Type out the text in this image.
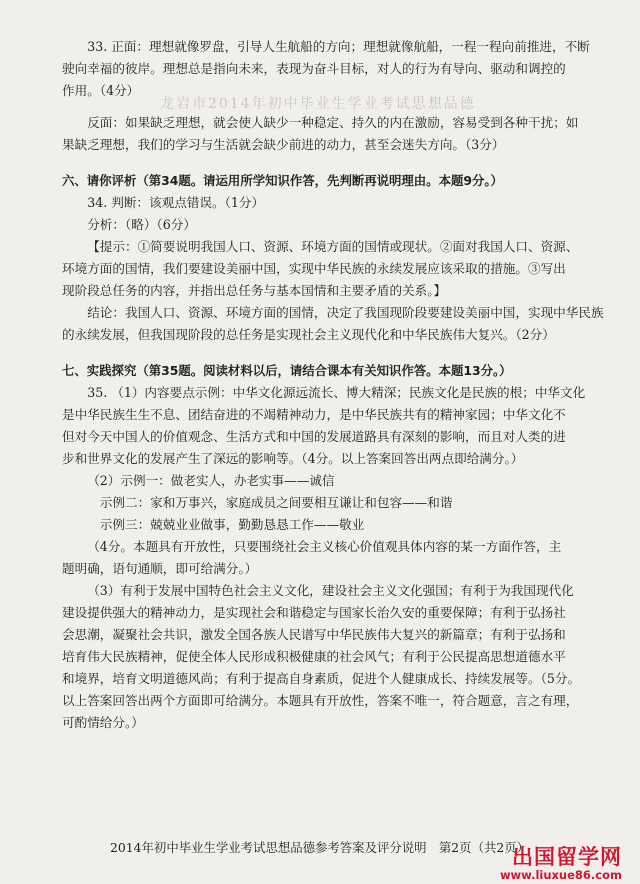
龙岩市2014年初中毕业生学业考试思想品德

33. 正面：理想就像罗盘，引导人生航船的方向；理想就像航船，一程一程向前推进，不断

驶向幸福的彼岸。理想总是指向未来，表现为奋斗目标，对人的行为有导向、驱动和调控的

作用。（4分）

反面：如果缺乏理想，就会使人缺少一种稳定、持久的内在激励，容易受到各种干扰；如

果缺乏理想，我们的学习与生活就会缺少前进的动力，甚至会迷失方向。（3分）

六、请你评析（第34题。请运用所学知识作答，先判断再说明理由。本题9分。）

34. 判断：该观点错误。（1分）

分析：（略）（6分）

【提示：①简要说明我国人口、资源、环境方面的国情或现状。②面对我国人口、资源、

环境方面的国情，我们要建设美丽中国，实现中华民族的永续发展应该采取的措施。③写出

现阶段总任务的内容，并指出总任务与基本国情和主要矛盾的关系。】

结论：我国人口、资源、环境方面的国情，决定了我国现阶段要建设美丽中国，实现中华民族

的永续发展，但我国现阶段的总任务是实现社会主义现代化和中华民族伟大复兴。（2分）

七、实践探究（第35题。阅读材料以后，请结合课本有关知识作答。本题13分。）

35. （1）内容要点示例：中华文化源远流长、博大精深；民族文化是民族的根；中华文化

是中华民族生生不息、团结奋进的不竭精神动力，是中华民族共有的精神家园；中华文化不

但对今天中国人的价值观念、生活方式和中国的发展道路具有深刻的影响，而且对人类的进

步和世界文化的发展产生了深远的影响等。（4分。以上答案回答出两点即给满分。）

（2）示例一：做老实人，办老实事——诚信

示例二：家和万事兴，家庭成员之间要相互谦让和包容——和谐

示例三：兢兢业业做事，勤勤恳恳工作——敬业

（4分。本题具有开放性，只要围绕社会主义核心价值观具体内容的某一方面作答，主

题明确，语句通顺，即可给满分。）

（3）有利于发展中国特色社会主义文化，建设社会主义文化强国；有利于为我国现代化

建设提供强大的精神动力，是实现社会和谐稳定与国家长治久安的重要保障；有利于弘扬社

会思潮，凝聚社会共识，激发全国各族人民谱写中华民族伟大复兴的新篇章；有利于弘扬和

培育伟大民族精神，促使全体人民形成积极健康的社会风气；有利于公民提高思想道德水平

和境界，培育文明道德风尚；有利于提高自身素质，促进个人健康成长、持续发展等。（5分。

以上答案回答出两个方面即可给满分。本题具有开放性，答案不唯一，符合题意，言之有理，

可酌情给分。）

2014年初中毕业生学业考试思想品德参考答案及评分说明　第2页（共2页）
出国留学网
www.liuxue86.com
